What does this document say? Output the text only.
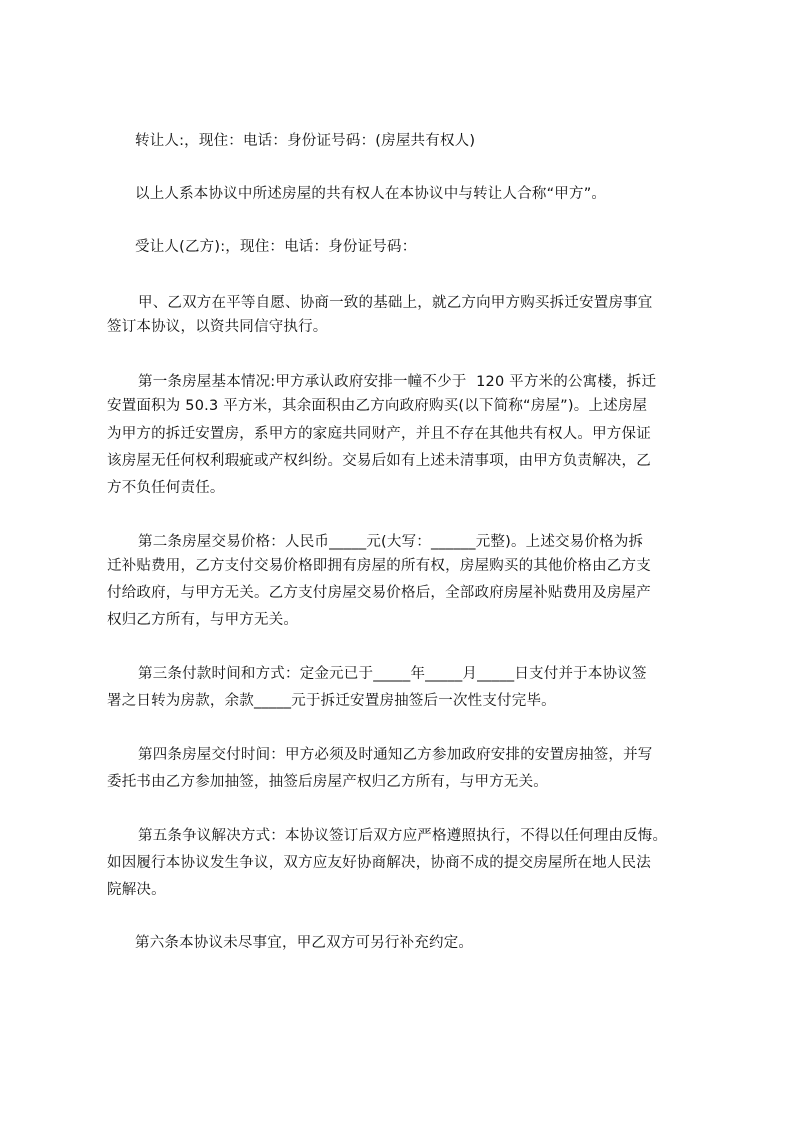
转让人:，现住：电话：身份证号码：(房屋共有权人)
以上人系本协议中所述房屋的共有权人在本协议中与转让人合称“甲方”。
受让人(乙方):，现住：电话：身份证号码：
甲、乙双方在平等自愿、协商一致的基础上，就乙方向甲方购买拆迁安置房事宜
签订本协议，以资共同信守执行。
第一条房屋基本情况:甲方承认政府安排一幢不少于  120 平方米的公寓楼，拆迁
安置面积为 50.3 平方米，其余面积由乙方向政府购买(以下简称“房屋”)。上述房屋
为甲方的拆迁安置房，系甲方的家庭共同财产，并且不存在其他共有权人。甲方保证
该房屋无任何权利瑕疵或产权纠纷。交易后如有上述未清事项，由甲方负责解决，乙
方不负任何责任。
第二条房屋交易价格：人民币_____元(大写：______元整)。上述交易价格为拆
迁补贴费用，乙方支付交易价格即拥有房屋的所有权，房屋购买的其他价格由乙方支
付给政府，与甲方无关。乙方支付房屋交易价格后，全部政府房屋补贴费用及房屋产
权归乙方所有，与甲方无关。
第三条付款时间和方式：定金元已于_____年_____月_____日支付并于本协议签
署之日转为房款，余款_____元于拆迁安置房抽签后一次性支付完毕。
第四条房屋交付时间：甲方必须及时通知乙方参加政府安排的安置房抽签，并写
委托书由乙方参加抽签，抽签后房屋产权归乙方所有，与甲方无关。
第五条争议解决方式：本协议签订后双方应严格遵照执行，不得以任何理由反悔。
如因履行本协议发生争议，双方应友好协商解决，协商不成的提交房屋所在地人民法
院解决。
第六条本协议未尽事宜，甲乙双方可另行补充约定。
